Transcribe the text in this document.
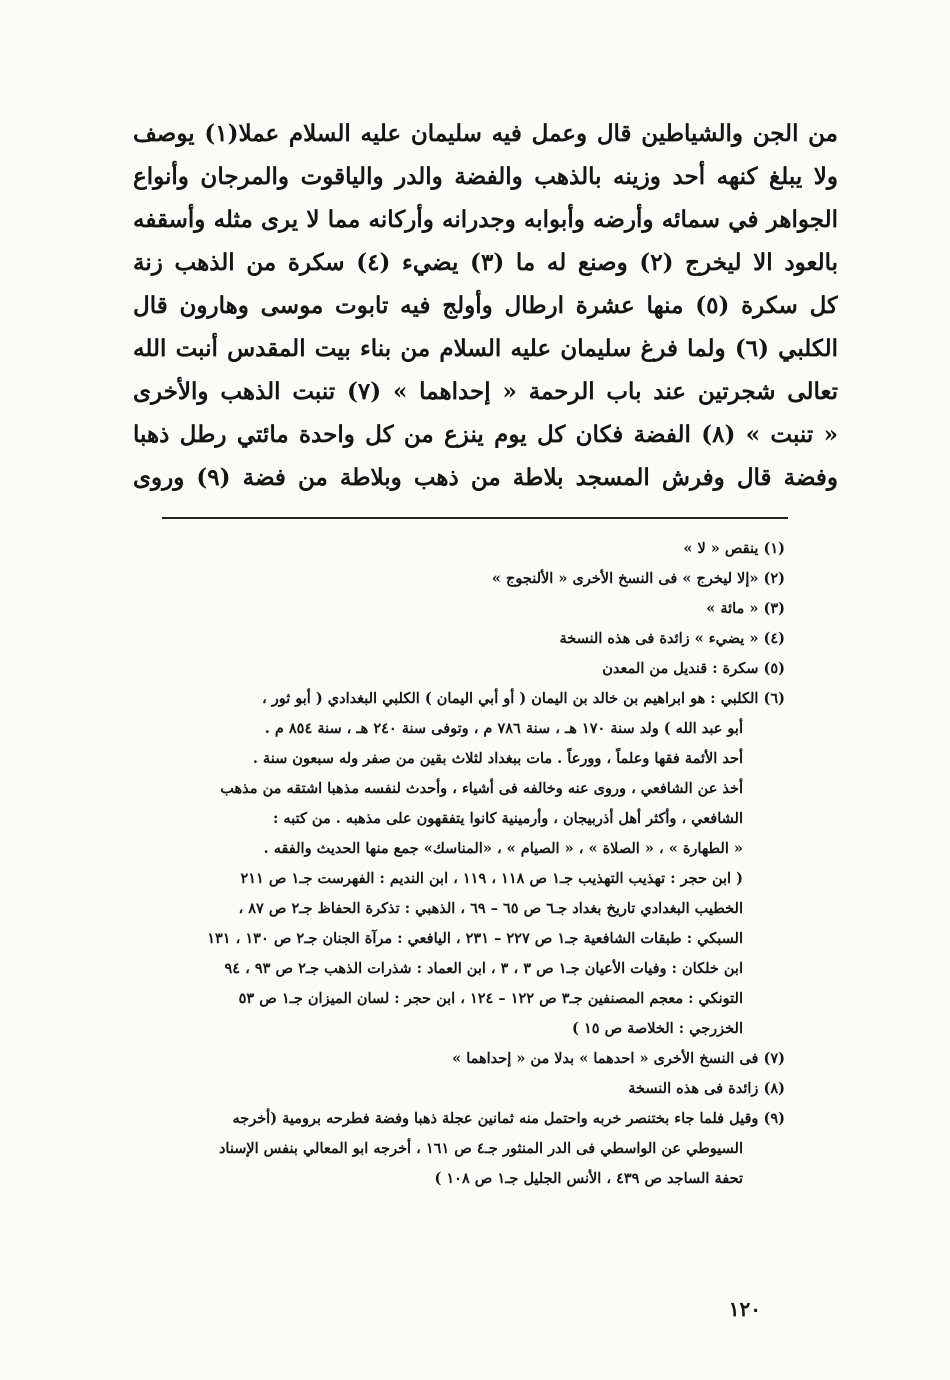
من الجن والشياطين قال وعمل فيه سليمان عليه السلام عملا(١) يوصف
ولا يبلغ كنهه أحد وزينه بالذهب والفضة والدر والياقوت والمرجان وأنواع
الجواهر في سمائه وأرضه وأبوابه وجدرانه وأركانه مما لا يرى مثله وأسقفه
بالعود الا ليخرج (٢) وصنع له ما (٣) يضيء (٤) سكرة من الذهب زنة
كل سكرة (٥) منها عشرة ارطال وأولج فيه تابوت موسى وهارون قال
الكلبي (٦) ولما فرغ سليمان عليه السلام من بناء بيت المقدس أنبت الله
تعالى شجرتين عند باب الرحمة « إحداهما » (٧) تنبت الذهب والأخرى
« تنبت » (٨) الفضة فكان كل يوم ينزع من كل واحدة مائتي رطل ذهبا
وفضة قال وفرش المسجد بلاطة من ذهب وبلاطة من فضة (٩) وروى
(١) ينقص « لا »
(٢) «إلا ليخرج » فى النسخ الأخرى « الألنجوج »
(٣) « مائة »
(٤) « يضيء » زائدة فى هذه النسخة
(٥) سكرة : قنديل من المعدن
(٦) الكلبي : هو ابراهيم بن خالد بن اليمان ( أو أبي اليمان ) الكلبي البغدادي ( أبو ثور ،
أبو عبد الله ) ولد سنة ١٧٠ هـ ، سنة ٧٨٦ م ، وتوفى سنة ٢٤٠ هـ ، سنة ٨٥٤ م .
أحد الأئمة فقها وعلماً ، وورعاً . مات ببغداد لثلاث بقين من صفر وله سبعون سنة .
أخذ عن الشافعي ، وروى عنه وخالفه فى أشياء ، وأحدث لنفسه مذهبا اشتقه من مذهب
الشافعي ، وأكثر أهل أذربيجان ، وأرمينية كانوا يتفقهون على مذهبه . من كتبه :
« الطهارة » ، « الصلاة » ، « الصيام » ، «المناسك» جمع منها الحديث والفقه .
( ابن حجر : تهذيب التهذيب جـ١ ص ١١٨ ، ١١٩ ، ابن النديم : الفهرست جـ١ ص ٢١١
الخطيب البغدادي تاريخ بغداد جـ٦ ص ٦٥ – ٦٩ ، الذهبي : تذكرة الحفاظ جـ٢ ص ٨٧ ،
السبكي : طبقات الشافعية جـ١ ص ٢٢٧ – ٢٣١ ، اليافعي : مرآة الجنان جـ٢ ص ١٣٠ ، ١٣١
ابن خلكان : وفيات الأعيان جـ١ ص ٣ ، ٣ ، ابن العماد : شذرات الذهب جـ٢ ص ٩٣ ، ٩٤
التونكي : معجم المصنفين جـ٣ ص ١٢٢ – ١٢٤ ، ابن حجر : لسان الميزان جـ١ ص ٥٣
الخزرجي : الخلاصة ص ١٥ )
(٧) فى النسخ الأخرى « احدهما » بدلا من « إحداهما »
(٨) زائدة فى هذه النسخة
(٩) وقيل فلما جاء بختنصر خربه واحتمل منه ثمانين عجلة ذهبا وفضة فطرحه برومية (أخرجه
السيوطي عن الواسطي فى الدر المنثور جـ٤ ص ١٦١ ، أخرجه ابو المعالي بنفس الإسناد
تحفة الساجد ص ٤٣٩ ، الأنس الجليل جـ١ ص ١٠٨ )
١٢٠
